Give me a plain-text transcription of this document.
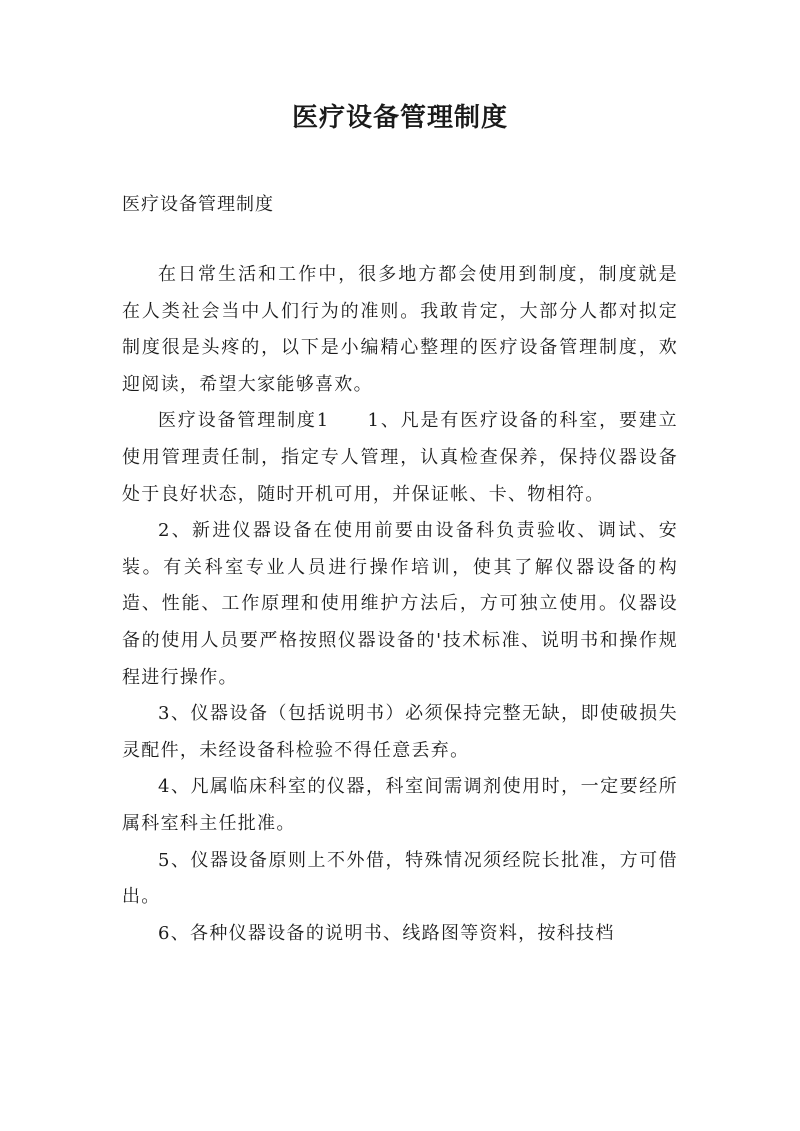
医疗设备管理制度
医疗设备管理制度

在日常生活和工作中，很多地方都会使用到制度，制度就是在人类社会当中人们行为的准则。我敢肯定，大部分人都对拟定制度很是头疼的，以下是小编精心整理的医疗设备管理制度，欢迎阅读，希望大家能够喜欢。

医疗设备管理制度1 1、凡是有医疗设备的科室，要建立使用管理责任制，指定专人管理，认真检查保养，保持仪器设备处于良好状态，随时开机可用，并保证帐、卡、物相符。

2、新进仪器设备在使用前要由设备科负责验收、调试、安装。有关科室专业人员进行操作培训，使其了解仪器设备的构造、性能、工作原理和使用维护方法后，方可独立使用。仪器设备的使用人员要严格按照仪器设备的'技术标准、说明书和操作规程进行操作。

3、仪器设备（包括说明书）必须保持完整无缺，即使破损失灵配件，未经设备科检验不得任意丢弃。

4、凡属临床科室的仪器，科室间需调剂使用时，一定要经所属科室科主任批准。

5、仪器设备原则上不外借，特殊情况须经院长批准，方可借出。

6、各种仪器设备的说明书、线路图等资料，按科技档
